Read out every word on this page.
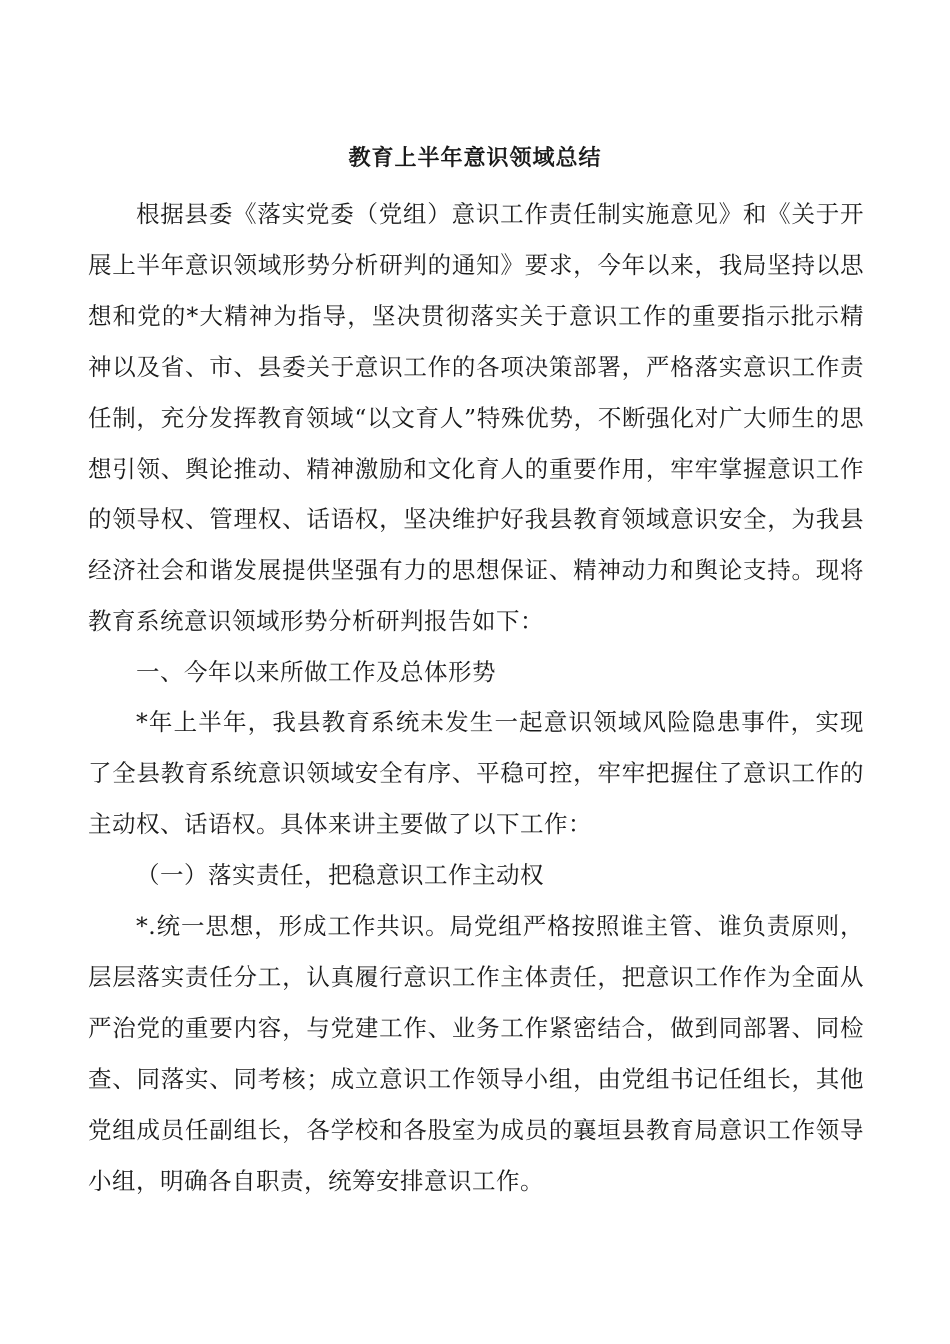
教育上半年意识领域总结
根据县委《落实党委（党组）意识工作责任制实施意见》和《关于开展上半年意识领域形势分析研判的通知》要求，今年以来，我局坚持以思想和党的*大精神为指导，坚决贯彻落实关于意识工作的重要指示批示精神以及省、市、县委关于意识工作的各项决策部署，严格落实意识工作责任制，充分发挥教育领域“以文育人”特殊优势，不断强化对广大师生的思想引领、舆论推动、精神激励和文化育人的重要作用，牢牢掌握意识工作的领导权、管理权、话语权，坚决维护好我县教育领域意识安全，为我县经济社会和谐发展提供坚强有力的思想保证、精神动力和舆论支持。现将教育系统意识领域形势分析研判报告如下：
一、今年以来所做工作及总体形势
*年上半年，我县教育系统未发生一起意识领域风险隐患事件，实现了全县教育系统意识领域安全有序、平稳可控，牢牢把握住了意识工作的主动权、话语权。具体来讲主要做了以下工作：
（一）落实责任，把稳意识工作主动权
*.统一思想，形成工作共识。局党组严格按照谁主管、谁负责原则，层层落实责任分工，认真履行意识工作主体责任，把意识工作作为全面从严治党的重要内容，与党建工作、业务工作紧密结合，做到同部署、同检查、同落实、同考核；成立意识工作领导小组，由党组书记任组长，其他党组成员任副组长，各学校和各股室为成员的襄垣县教育局意识工作领导小组，明确各自职责，统筹安排意识工作。
